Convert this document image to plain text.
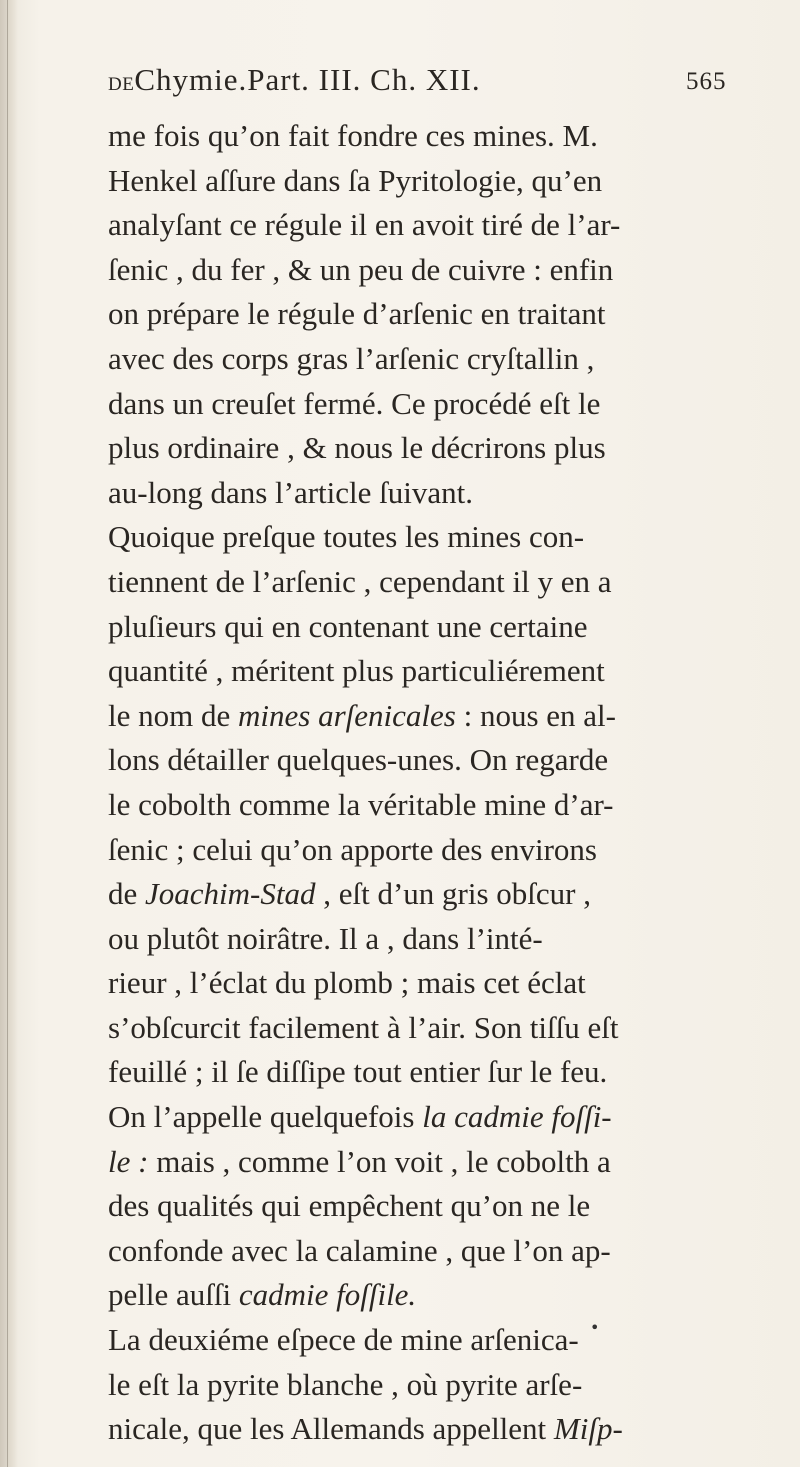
DEChymie.Part. III. Ch. XII.	565
me fois qu’on fait fondre ces mines. M.
Henkel aſſure dans ſa Pyritologie, qu’en
analyſant ce régule il en avoit tiré de l’ar-
ſenic , du fer , & un peu de cuivre : enfin
on prépare le régule d’arſenic en traitant
avec des corps gras l’arſenic cryſtallin ,
dans un creuſet fermé. Ce procédé eſt le
plus ordinaire , & nous le décrirons plus
au-long dans l’article ſuivant.
Quoique preſque toutes les mines con-
tiennent de l’arſenic , cependant il y en a
pluſieurs qui en contenant une certaine
quantité , méritent plus particuliérement
le nom de mines arſenicales : nous en al-
lons détailler quelques-unes. On regarde
le cobolth comme la véritable mine d’ar-
ſenic ; celui qu’on apporte des environs
de Joachim-Stad , eſt d’un gris obſcur ,
ou plutôt noirâtre. Il a , dans l’inté-
rieur , l’éclat du plomb ; mais cet éclat
s’obſcurcit facilement à l’air. Son tiſſu eſt
feuillé ; il ſe diſſipe tout entier ſur le feu.
On l’appelle quelquefois la cadmie foſſi-
le : mais , comme l’on voit , le cobolth a
des qualités qui empêchent qu’on ne le
confonde avec la calamine , que l’on ap-
pelle auſſi cadmie foſſile.
La deuxiéme eſpece de mine arſenica-
le eſt la pyrite blanche , où pyrite arſe-
nicale, que les Allemands appellent Miſp-
•
